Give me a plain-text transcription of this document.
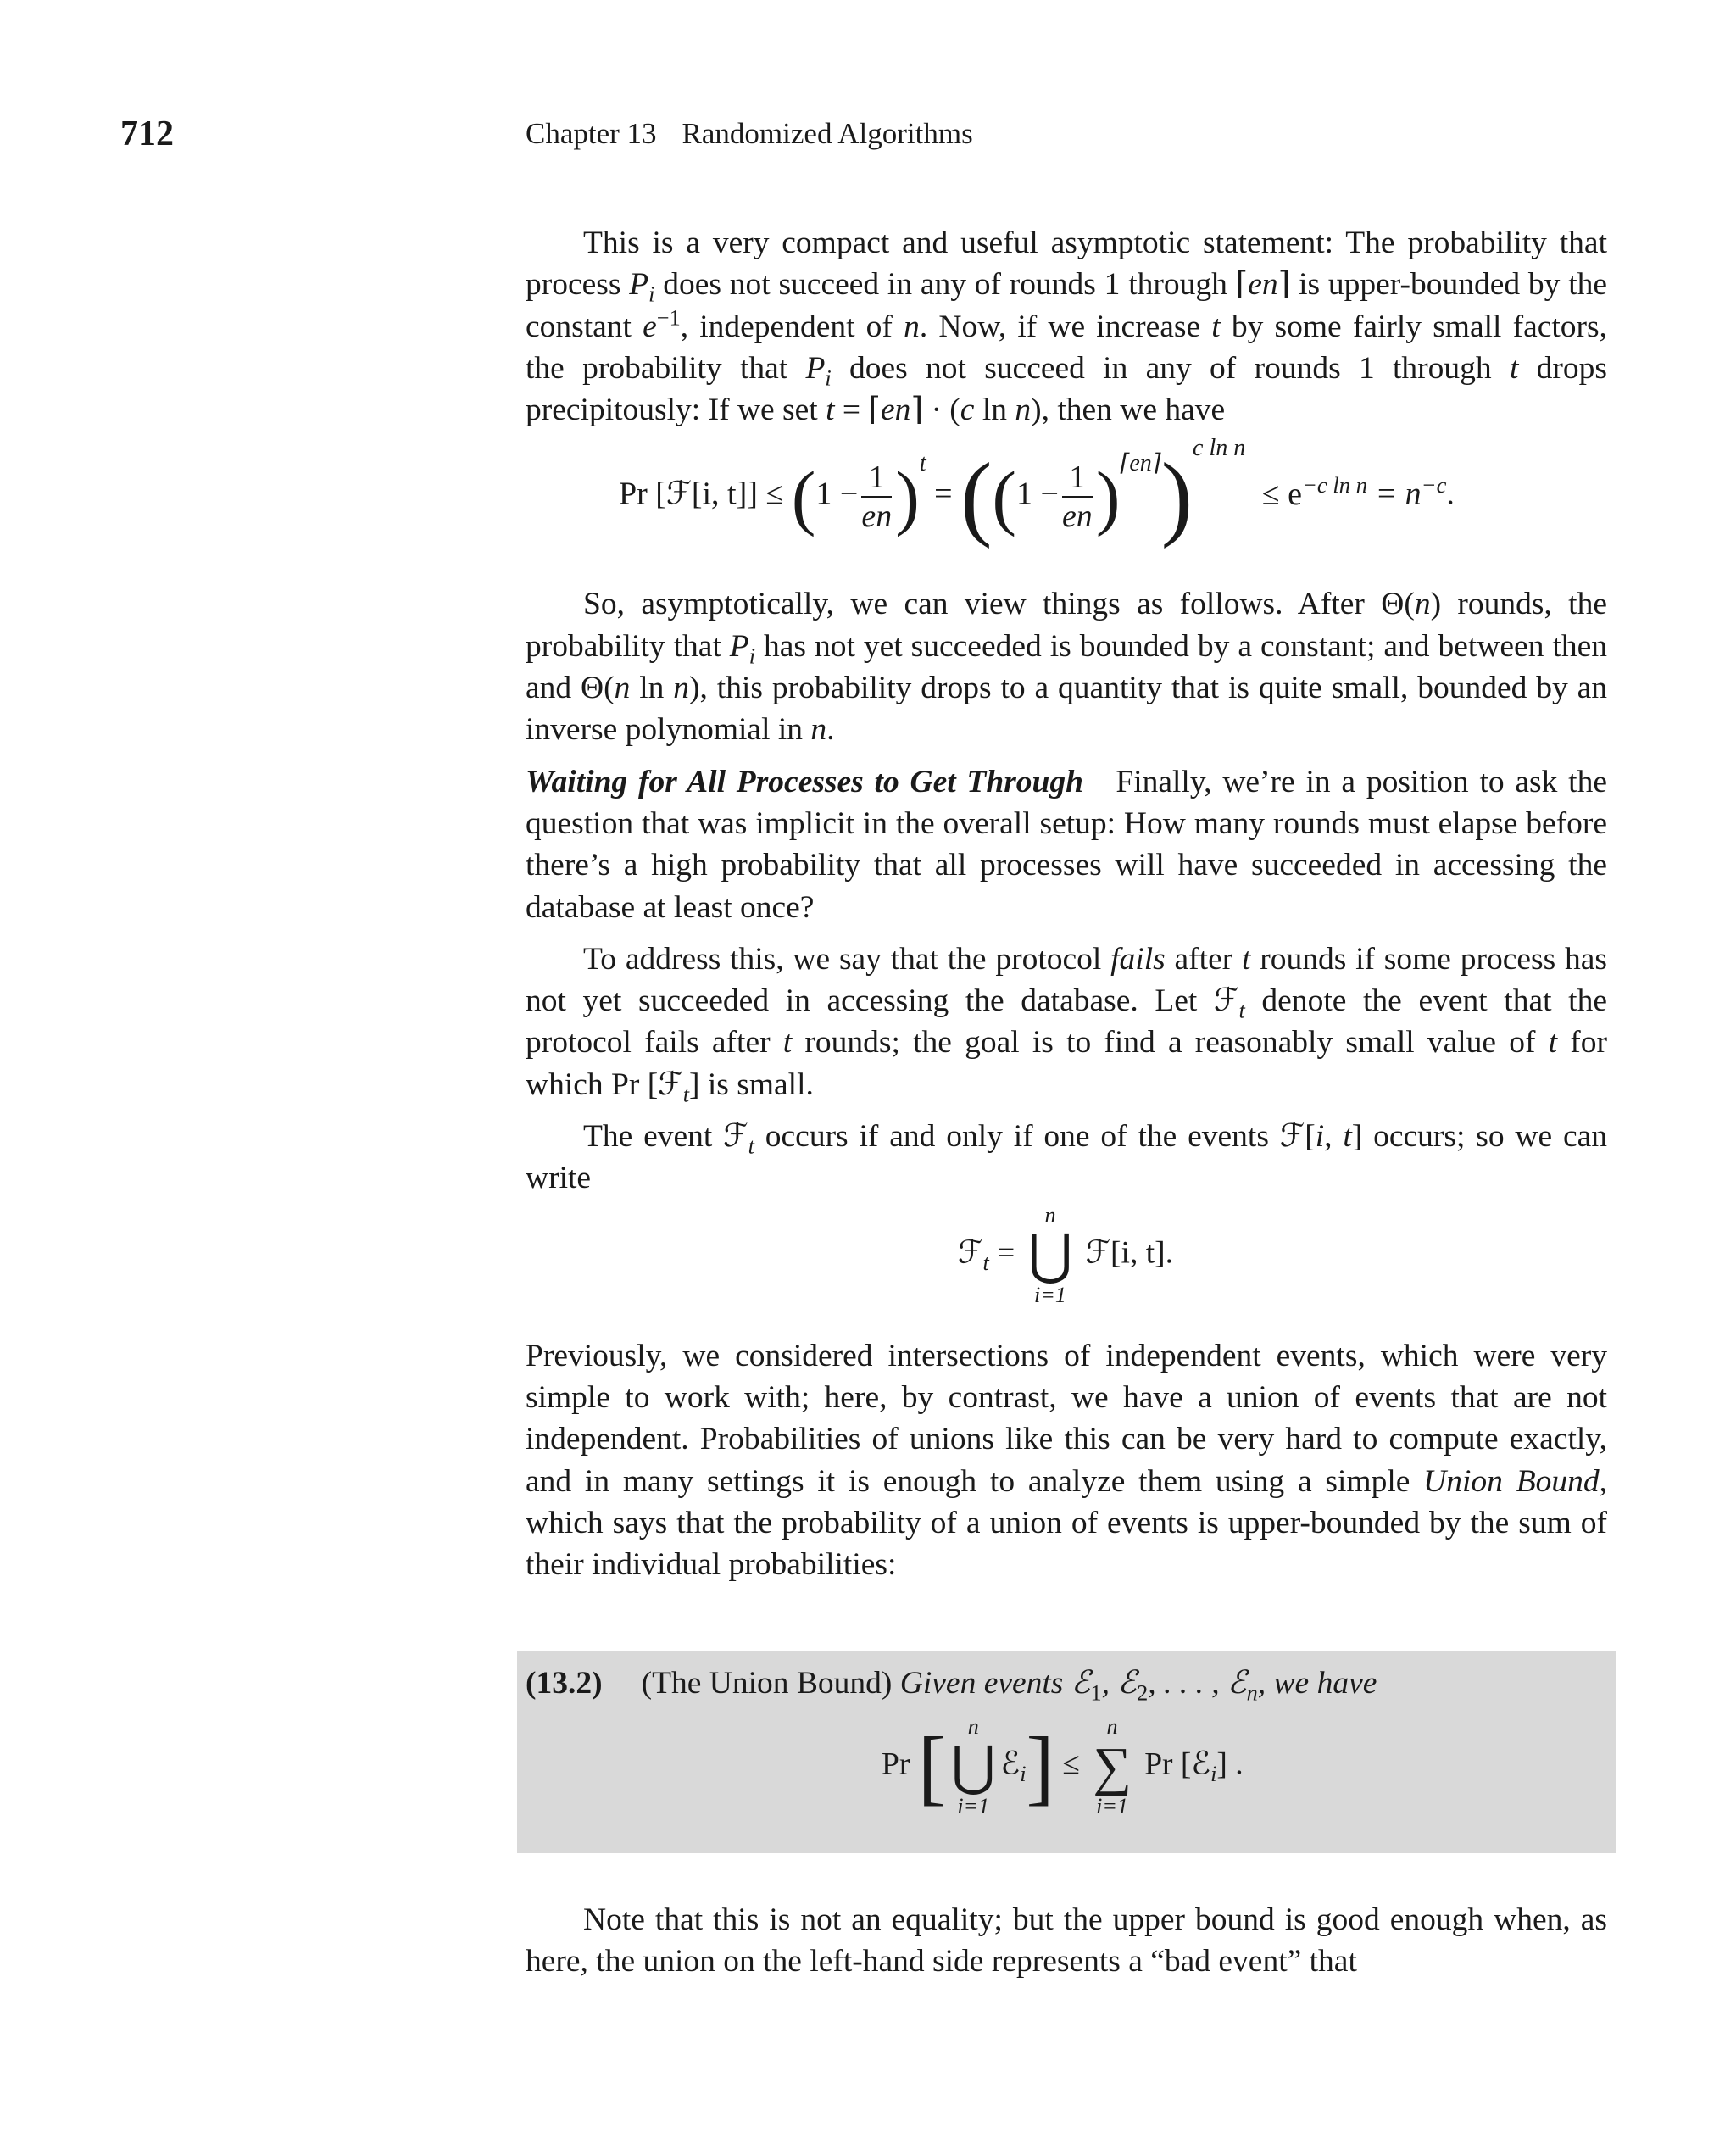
712	Chapter 13 Randomized Algorithms

This is a very compact and useful asymptotic statement: The probability that process $P_i$ does not succeed in any of rounds 1 through ⌈en⌉ is upper-bounded by the constant $e^{-1}$, independent of n. Now, if we increase t by some fairly small factors, the probability that $P_i$ does not succeed in any of rounds 1 through t drops precipitously: If we set t = ⌈en⌉ · (c ln n), then we have

Pr [ℱ[i, $t]] \le (1 - \frac{1}{en} )^t = ((1 - \frac{1}{en} )^{⌈en⌉})^{c ln n} \le e^{-c ln n} = n^{-c}$.

So, asymptotically, we can view things as follows. After Θ(n) rounds, the probability that $P_i$ has not yet succeeded is bounded by a constant; and between then and Θ(n ln n), this probability drops to a quantity that is quite small, bounded by an inverse polynomial in n.

Waiting for All Processes to Get Through Finally, we’re in a position to ask the question that was implicit in the overall setup: How many rounds must elapse before there’s a high probability that all processes will have succeeded in accessing the database at least once?

To address this, we say that the protocol fails after t rounds if some process has not yet succeeded in accessing the database. Let ℱ$_t$ denote the event that the protocol fails after t rounds; the goal is to find a reasonably small value of t for which Pr [ℱ$_t$] is small.

The event ℱ$_t$ occurs if and only if one of the events ℱ[i, t] occurs; so we can write

ℱ$_t$ =
n
⋃
i=1
ℱ[i, t].

Previously, we considered intersections of independent events, which were very simple to work with; here, by contrast, we have a union of events that are not independent. Probabilities of unions like this can be very hard to compute exactly, and in many settings it is enough to analyze them using a simple Union Bound, which says that the probability of a union of events is upper-bounded by the sum of their individual probabilities:

(13.2) (The Union Bound) Given events ℰ$_1$, ℰ$_2$, . . . , ℰ$_n$, we have
Pr [ n
⋃
i=1
ℰ$_i$] ≤
n
∑
i=1
Pr [ℰ$_i$] .

Note that this is not an equality; but the upper bound is good enough when, as here, the union on the left-hand side represents a “bad event” that
